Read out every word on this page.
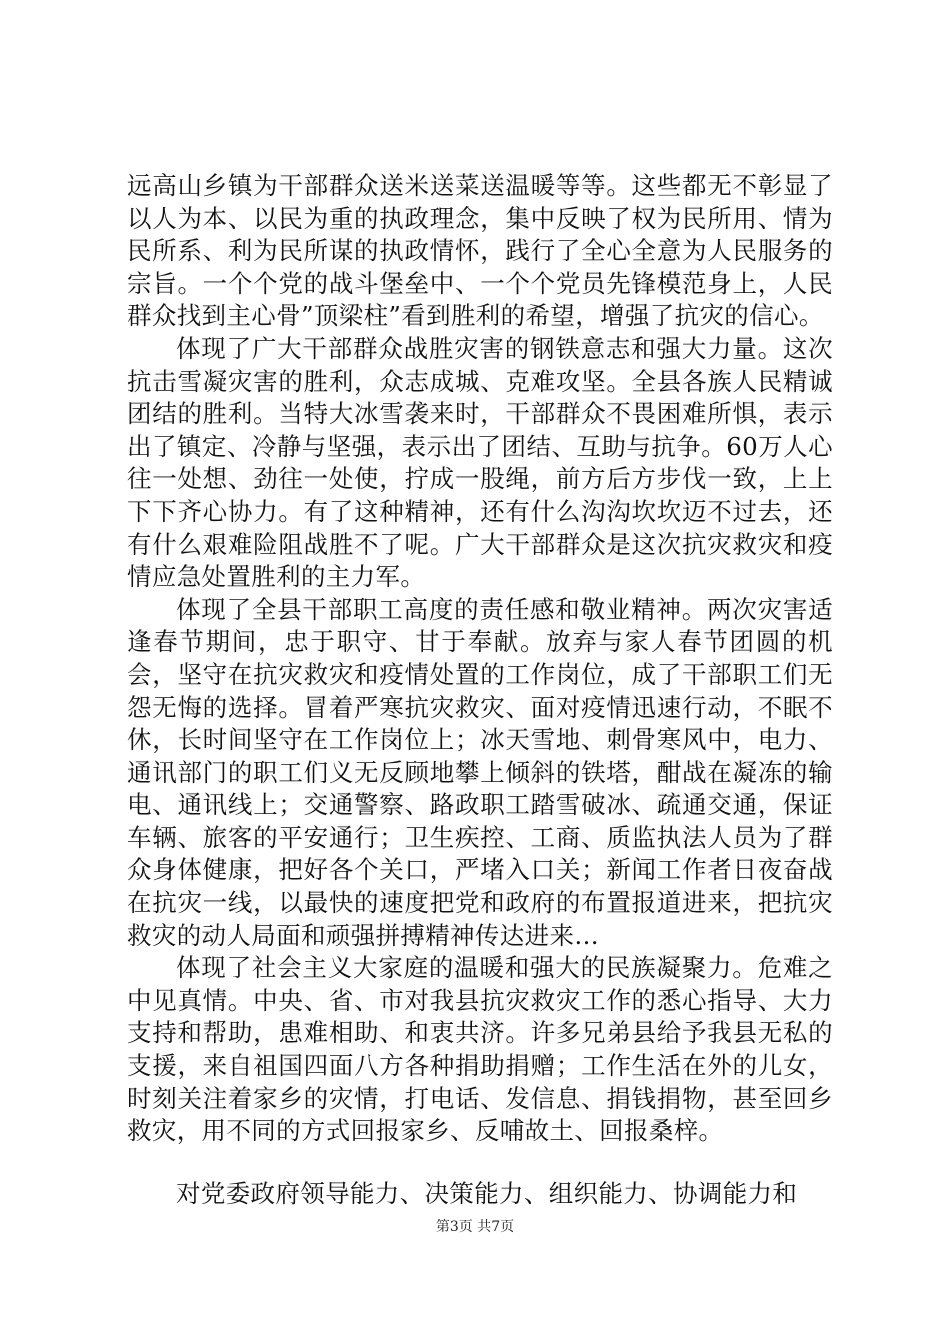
远高山乡镇为干部群众送米送菜送温暖等等。这些都无不彰显了以人为本、以民为重的执政理念，集中反映了权为民所用、情为民所系、利为民所谋的执政情怀，践行了全心全意为人民服务的宗旨。一个个党的战斗堡垒中、一个个党员先锋模范身上，人民群众找到主心骨”顶梁柱”看到胜利的希望，增强了抗灾的信心。

体现了广大干部群众战胜灾害的钢铁意志和强大力量。这次抗击雪凝灾害的胜利，众志成城、克难攻坚。全县各族人民精诚团结的胜利。当特大冰雪袭来时，干部群众不畏困难所惧，表示出了镇定、冷静与坚强，表示出了团结、互助与抗争。60万人心往一处想、劲往一处使，拧成一股绳，前方后方步伐一致，上上下下齐心协力。有了这种精神，还有什么沟沟坎坎迈不过去，还有什么艰难险阻战胜不了呢。广大干部群众是这次抗灾救灾和疫情应急处置胜利的主力军。

体现了全县干部职工高度的责任感和敬业精神。两次灾害适逢春节期间，忠于职守、甘于奉献。放弃与家人春节团圆的机会，坚守在抗灾救灾和疫情处置的工作岗位，成了干部职工们无怨无悔的选择。冒着严寒抗灾救灾、面对疫情迅速行动，不眠不休，长时间坚守在工作岗位上；冰天雪地、刺骨寒风中，电力、通讯部门的职工们义无反顾地攀上倾斜的铁塔，酣战在凝冻的输电、通讯线上；交通警察、路政职工踏雪破冰、疏通交通，保证车辆、旅客的平安通行；卫生疾控、工商、质监执法人员为了群众身体健康，把好各个关口，严堵入口关；新闻工作者日夜奋战在抗灾一线，以最快的速度把党和政府的布置报道进来，把抗灾救灾的动人局面和顽强拼搏精神传达进来…

体现了社会主义大家庭的温暖和强大的民族凝聚力。危难之中见真情。中央、省、市对我县抗灾救灾工作的悉心指导、大力支持和帮助，患难相助、和衷共济。许多兄弟县给予我县无私的支援，来自祖国四面八方各种捐助捐赠；工作生活在外的儿女，时刻关注着家乡的灾情，打电话、发信息、捐钱捐物，甚至回乡救灾，用不同的方式回报家乡、反哺故土、回报桑梓。

对党委政府领导能力、决策能力、组织能力、协调能力和

第3页 共7页
